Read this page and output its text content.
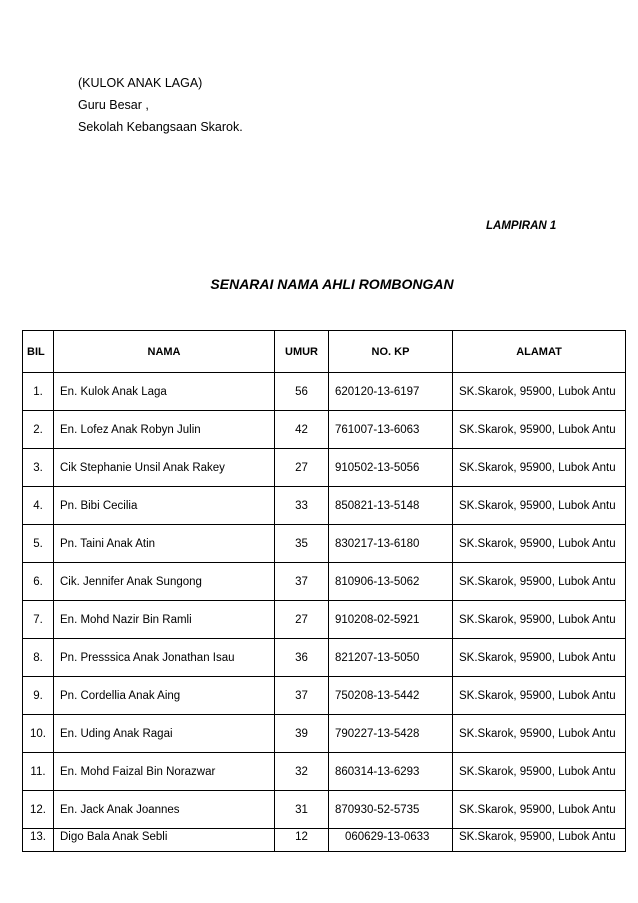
(KULOK ANAK LAGA)
Guru Besar ,
Sekolah Kebangsaan Skarok.
LAMPIRAN 1
SENARAI NAMA AHLI ROMBONGAN
BIL	NAMA	UMUR	NO. KP	ALAMAT
1.	En. Kulok Anak Laga	56	620120-13-6197	SK.Skarok, 95900, Lubok Antu
2.	En. Lofez Anak Robyn Julin	42	761007-13-6063	SK.Skarok, 95900, Lubok Antu
3.	Cik Stephanie Unsil Anak Rakey	27	910502-13-5056	SK.Skarok, 95900, Lubok Antu
4.	Pn. Bibi Cecilia	33	850821-13-5148	SK.Skarok, 95900, Lubok Antu
5.	Pn. Taini Anak Atin	35	830217-13-6180	SK.Skarok, 95900, Lubok Antu
6.	Cik. Jennifer Anak Sungong	37	810906-13-5062	SK.Skarok, 95900, Lubok Antu
7.	En. Mohd Nazir Bin Ramli	27	910208-02-5921	SK.Skarok, 95900, Lubok Antu
8.	Pn. Presssica Anak Jonathan Isau	36	821207-13-5050	SK.Skarok, 95900, Lubok Antu
9.	Pn. Cordellia Anak Aing	37	750208-13-5442	SK.Skarok, 95900, Lubok Antu
10.	En. Uding Anak Ragai	39	790227-13-5428	SK.Skarok, 95900, Lubok Antu
11.	En. Mohd Faizal Bin Norazwar	32	860314-13-6293	SK.Skarok, 95900, Lubok Antu
12.	En. Jack Anak Joannes	31	870930-52-5735	SK.Skarok, 95900, Lubok Antu
13.	Digo Bala Anak Sebli	12	060629-13-0633	SK.Skarok, 95900, Lubok Antu
